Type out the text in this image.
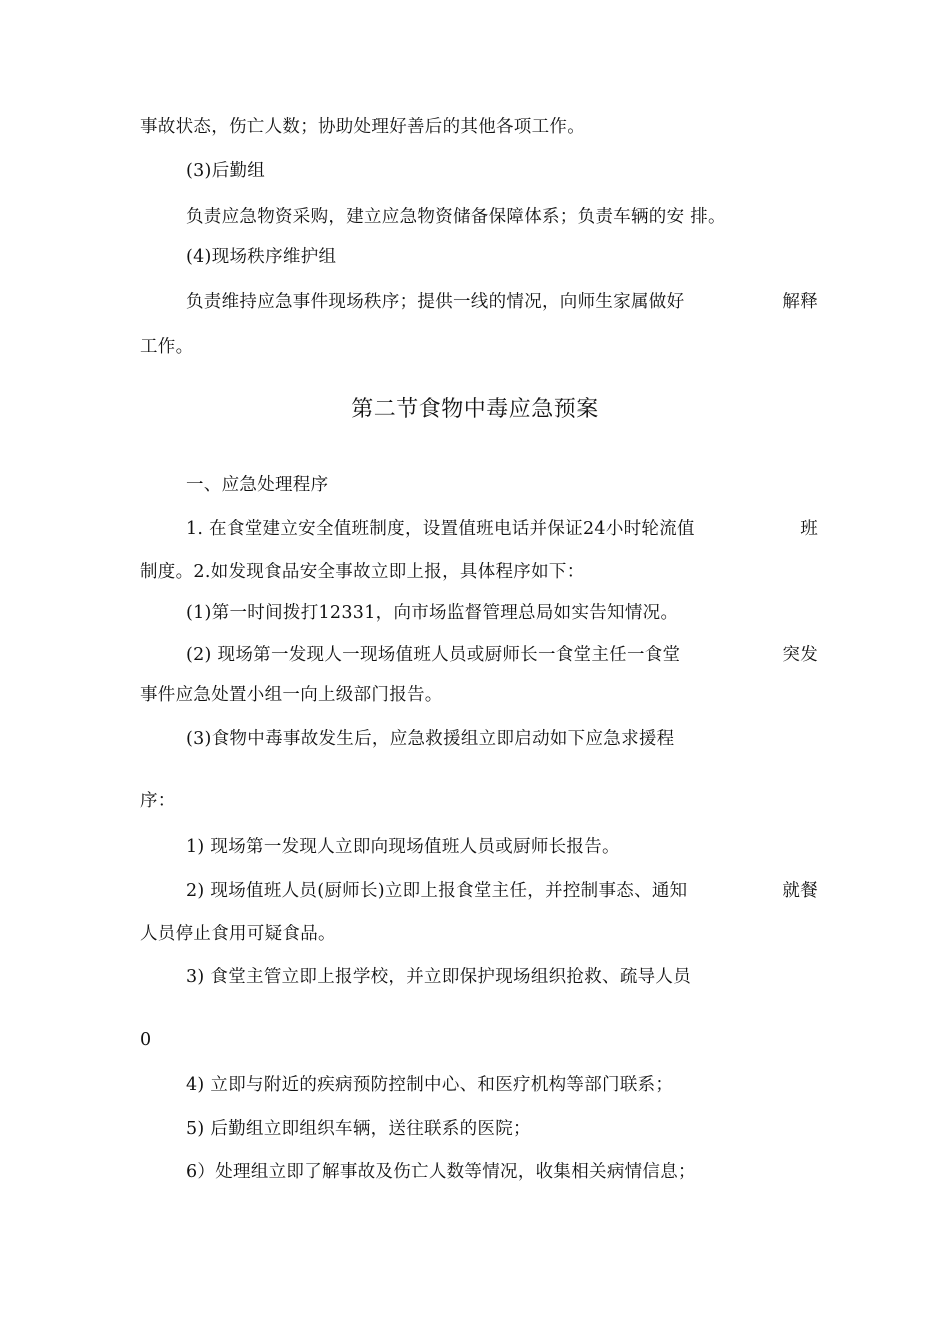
事故状态，伤亡人数；协助处理好善后的其他各项工作。
(3)后勤组
负责应急物资采购，建立应急物资储备保障体系；负责车辆的安 排。
(4)现场秩序维护组
负责维持应急事件现场秩序；提供一线的情况，向师生家属做好	解释
工作。
第二节食物中毒应急预案
一、应急处理程序
1. 在食堂建立安全值班制度，设置值班电话并保证24小时轮流值	班
制度。2.如发现食品安全事故立即上报，具体程序如下：
(1)第一时间拨打12331，向市场监督管理总局如实告知情况。
(2) 现场第一发现人一现场值班人员或厨师长一食堂主任一食堂	突发
事件应急处置小组一向上级部门报告。
(3)食物中毒事故发生后，应急救援组立即启动如下应急求援程
序：
1) 现场第一发现人立即向现场值班人员或厨师长报告。
2) 现场值班人员(厨师长)立即上报食堂主任，并控制事态、通知	就餐
人员停止食用可疑食品。
3) 食堂主管立即上报学校，并立即保护现场组织抢救、疏导人员
0
4) 立即与附近的疾病预防控制中心、和医疗机构等部门联系；
5) 后勤组立即组织车辆，送往联系的医院；
6）处理组立即了解事故及伤亡人数等情况，收集相关病情信息；
